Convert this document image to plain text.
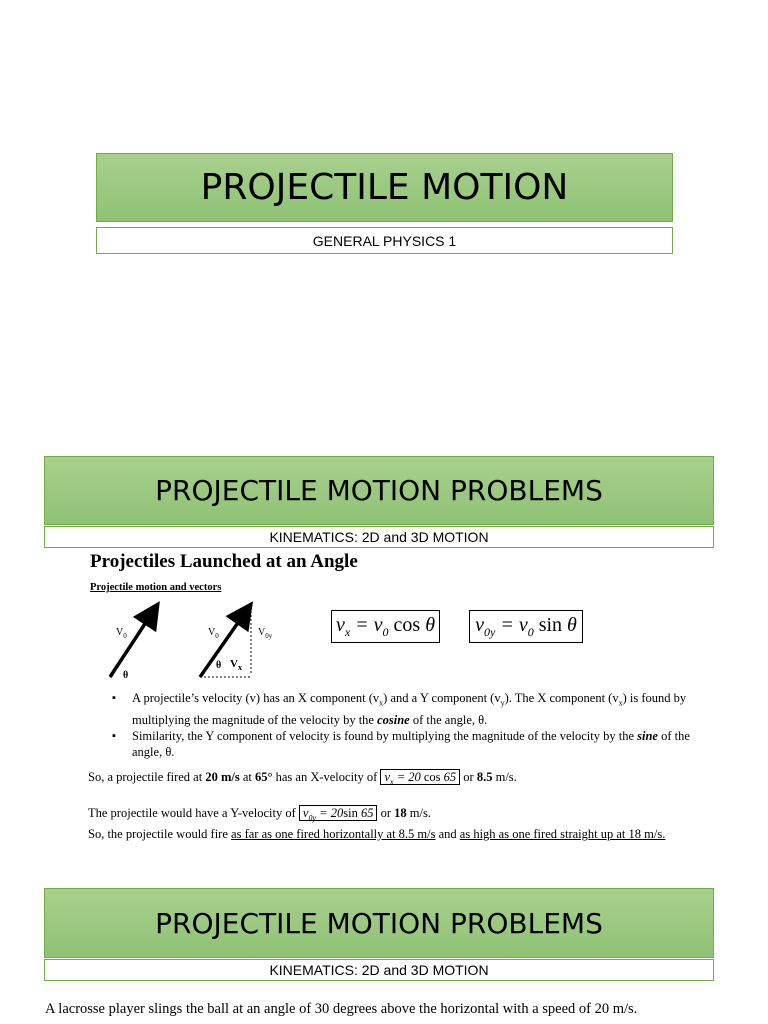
PROJECTILE MOTION
GENERAL PHYSICS 1
PROJECTILE MOTION PROBLEMS
KINEMATICS: 2D and 3D MOTION
Projectiles Launched at an Angle
Projectile motion and vectors
$V_0$
θ
$V_0$	$V_{0y}$
θ $V_x$
$v_x = v_0$ cos θ $v_{0y} = v_0$ sin θ
▪ A projectile’s velocity (v) has an X component $(v_x)$ and a Y component $(v_y)$. The X component $(v_x)$ is found by multiplying the magnitude of the velocity by the cosine of the angle, θ.
▪ Similarity, the Y component of velocity is found by multiplying the magnitude of the velocity by the sine of the angle, θ.
So, a projectile fired at 20 m/s at 65° has an X-velocity of $v_x = 20$ cos 65 or 8.5 m/s.
The projectile would have a Y-velocity of $v_{0y} = 20\sin$ 65 or 18 m/s.
So, the projectile would fire as far as one fired horizontally at 8.5 m/s and as high as one fired straight up at 18 m/s.
PROJECTILE MOTION PROBLEMS
KINEMATICS: 2D and 3D MOTION
A lacrosse player slings the ball at an angle of 30 degrees above the horizontal with a speed of 20 m/s.
